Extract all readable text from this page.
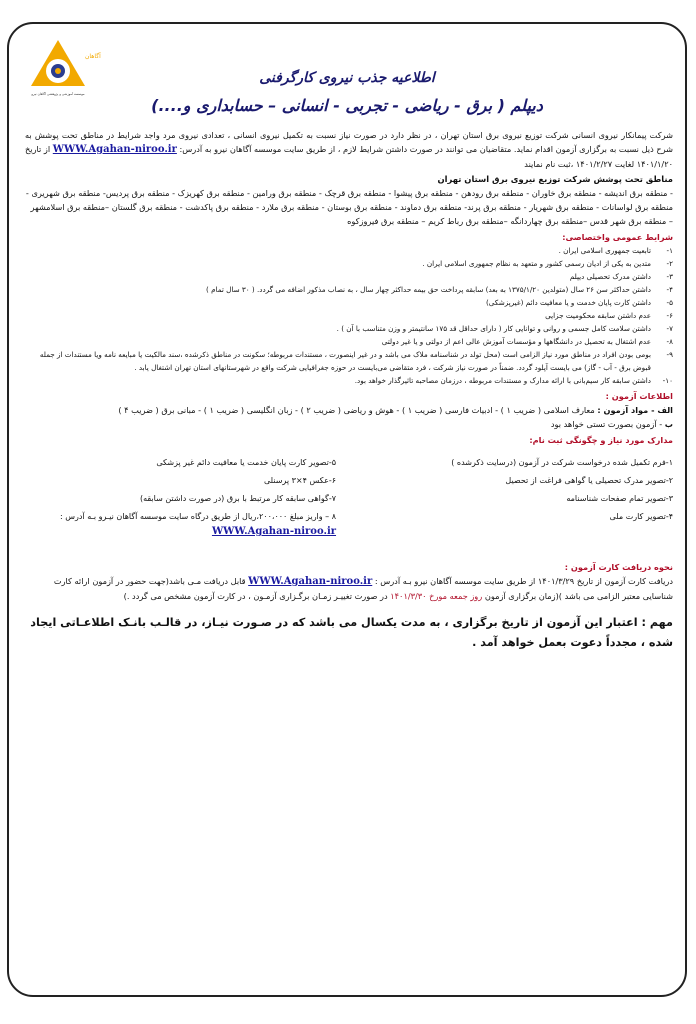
آگاهان
موسسه آموزشی و پژوهشی آگاهان نیرو
اطلاعیه جذب نیروی کارگرفنی
دیپلم ( برق - ریاضی - تجربی - انسانی – حسابداری و....)

شرکت پیمانکار نیروی انسانی شرکت توزیع نیروی برق استان تهران ، در نظر دارد در صورت نیاز نسبت به تکمیل نیروی انسانی ، تعدادی نیروی مرد واجد شرایط در مناطق تحت پوشش به شرح ذیل نسبت به برگزاری آزمون اقدام نماید. متقاضیان می توانند در صورت داشتن شرایط لازم ، از طریق سایت موسسه آگاهان نیرو به آدرس: WWW.Agahan-niroo.ir از تاریخ ۱۴۰۱/۱/۲۰ لغایت ۱۴۰۱/۲/۲۷ ،ثبت نام نمایند

مناطق تحت پوشش شرکت توزیع نیروی برق استان تهران

- منطقه برق اندیشه - منطقه برق خاوران - منطقه برق رودهن - منطقه برق پیشوا - منطقه برق قرچک - منطقه برق ورامین - منطقه برق کهریزک - منطقه برق پردیس- منطقه برق شهریری - منطقه برق لواسانات - منطقه برق شهریار - منطقه برق پرند- منطقه برق دماوند - منطقه برق بوستان - منطقه برق ملارد - منطقه برق پاکدشت - منطقه برق گلستان –منطقه برق اسلامشهر – منطقه برق شهر قدس –منطقه برق چهاردانگه –منطقه برق رباط کریم – منطقه برق فیروزکوه

شرایط عمومی واختصاصی:
۱-
تابعیت جمهوری اسلامی ایران .
۲-
متدین به یکی از ادیان رسمی کشور و متعهد به نظام جمهوری اسلامی ایران .
۳-
داشتن مدرک تحصیلی دیپلم
۴-
داشتن حداکثر سن ۲۶ سال (متولدین ۱۳۷۵/۱/۲۰ به بعد) سابقه پرداخت حق بیمه حداکثر چهار سال ، به نصاب مذکور اضافه می گردد. ( ۳۰ سال تمام )
۵-
داشتن کارت پایان خدمت و یا معافیت دائم (غیرپزشکی)
۶-
عدم داشتن سابقه محکومیت جزایی
۷-
داشتن سلامت کامل جسمی و روانی و توانایی کار ( دارای حداقل قد ۱۷۵ سانتیمتر و وزن متناسب با آن ) .
۸-
عدم اشتغال به تحصیل در دانشگاهها و مؤسسات آموزش عالی اعم از دولتی و یا غیر دولتی
۹-
بومی بودن افراد در مناطق مورد نیاز الزامی است (محل تولد در شناسنامه ملاک می باشد و در غیر اینصورت ، مستندات مربوطه؛ سکونت در مناطق ذکرشده ،سند مالکیت یا مبایعه نامه ویا مستندات از جمله قبوض برق - آب - گاز) می بایست آپلود گردد. ضمناً در صورت نیاز شرکت ، فرد متقاضی می‌بایست در حوزه جغرافیایی شرکت واقع در شهرستانهای استان تهران اشتغال یابد .
۱۰-
داشتن سابقه کار سیم‌بانی با ارائه مدارک و مستندات مربوطه ، درزمان مصاحبه تاثیرگذار خواهد بود.
اطلاعات آزمون :

الف - مواد آزمون : معارف اسلامی ( ضریب ۱ ) - ادبیات فارسی ( ضریب ۱ ) - هوش و ریاضی ( ضریب ۲ ) - زبان انگلیسی ( ضریب ۱ ) - مبانی برق ( ضریب ۴ )

ب - آزمون بصورت تستی خواهد بود

مدارک مورد نیاز و چگونگی ثبت نام:

۱-فرم تکمیل شده درخواست شرکت در آزمون (درسایت ذکرشده )

۲-تصویر مدرک تحصیلی یا گواهی فراغت از تحصیل

۳-تصویر تمام صفحات شناسنامه

۴-تصویر کارت ملی

۵-تصویر کارت پایان خدمت یا معافیت دائم غیر پزشکی

۶-عکس ۴×۳ پرسنلی

۷-گواهی سابقه کار مرتبط با برق (در صورت داشتن سابقه)

۸ – واریز مبلغ ۲۰۰،۰۰۰،ریال از طریق درگاه سایت موسسه آگاهان نیـرو بـه آدرس : WWW.Agahan-niroo.ir

نحوه دریافت کارت آزمون :

دریافت کارت آزمون از تاریخ ۱۴۰۱/۳/۲۹ از طریق سایت موسسه آگاهان نیرو بـه آدرس : WWW.Agahan-niroo.ir قابل دریافت مـی باشد(جهت حضور در آزمون ارائه کارت شناسایی معتبر الزامی می باشد )(زمان برگزاری آزمون روز جمعه مورخ ۱۴۰۱/۳/۳۰ در صورت تغییـر زمـان برگـزاری آزمـون ، در کارت آزمون مشخص می گردد .)

مهم : اعتبار این آزمون از تاریخ برگزاری ، به مدت یکسال می باشد که در صـورت نیـاز، در قالـب بانـک اطلاعـاتی ایجاد شده ، مجدداً دعوت بعمل خواهد آمد .
